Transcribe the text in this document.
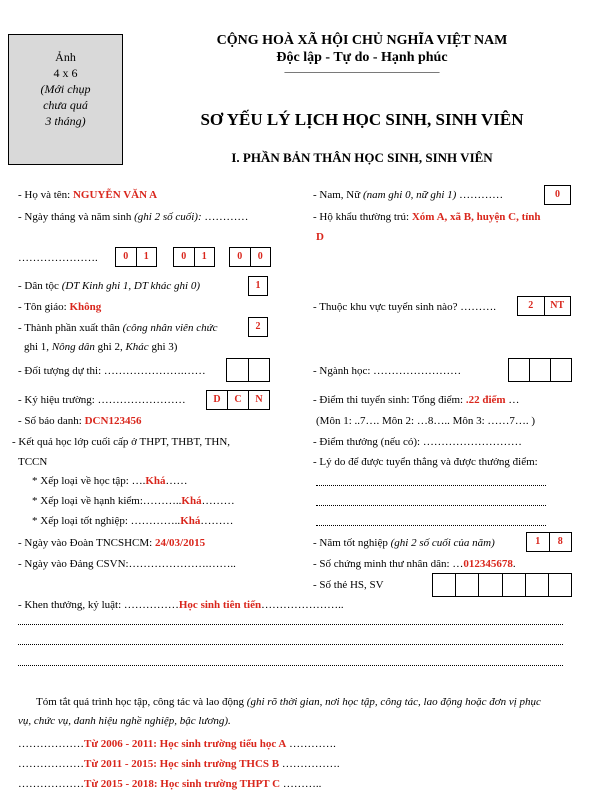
Ảnh
4 x 6
(Mới chụp
chưa quá
3 tháng)
CỘNG HOÀ XÃ HỘI CHỦ NGHĨA VIỆT NAM
Độc lập - Tự do - Hạnh phúc
_______________________________
SƠ YẾU LÝ LỊCH HỌC SINH, SINH VIÊN
I. PHẦN BẢN THÂN HỌC SINH, SINH VIÊN
- Họ và tên: NGUYỄN VĂN A	- Nam, Nữ (nam ghi 0, nữ ghi 1) …………	0
- Ngày tháng và năm sinh (ghi 2 số cuối): …………	- Hộ khẩu thường trú: Xóm A, xã B, huyện C, tỉnh
D
………………….	0	1	0	1	0	0
- Dân tộc (DT Kinh ghi 1, DT khác ghi 0)	1
- Tôn giáo: Không	- Thuộc khu vực tuyển sinh nào? ……….	2	NT
- Thành phần xuất thân (công nhân viên chức	2
ghi 1, Nông dân ghi 2, Khác ghi 3)
- Đối tượng dự thi: ………………….……	- Ngành học: ……………………
- Ký hiệu trường: ……………………	D	C	N	- Điểm thi tuyển sinh: Tổng điểm: .22 điểm …
- Số báo danh: DCN123456	(Môn 1: ..7…. Môn 2: …8….. Môn 3: ……7…. )
- Kết quả học lớp cuối cấp ở THPT, THBT, THN,
TCCN
- Điểm thưởng (nếu có): ………………………
- Lý do để được tuyển thẳng và được thưởng điểm:
* Xếp loại về học tập: ….Khá……
* Xếp loại về hạnh kiểm:………..Khá………
* Xếp loại tốt nghiệp: …………..Khá………
- Ngày vào Đoàn TNCSHCM: 24/03/2015	- Năm tốt nghiệp (ghi 2 số cuối của năm)	1	8
- Ngày vào Đảng CSVN:………………….……..	- Số chứng minh thư nhân dân: …012345678.
- Số thẻ HS, SV
- Khen thưởng, kỷ luật: ……………Học sinh tiên tiến…………………..
Tóm tắt quá trình học tập, công tác và lao động (ghi rõ thời gian, nơi học tập, công tác, lao động hoặc đơn vị phục
vụ, chức vụ, danh hiệu nghề nghiệp, bậc lương).
………………Từ 2006 - 2011: Học sinh trường tiểu học A ………….
………………Từ 2011 - 2015: Học sinh trường THCS B …………….
………………Từ 2015 - 2018: Học sinh trường THPT C ………..
